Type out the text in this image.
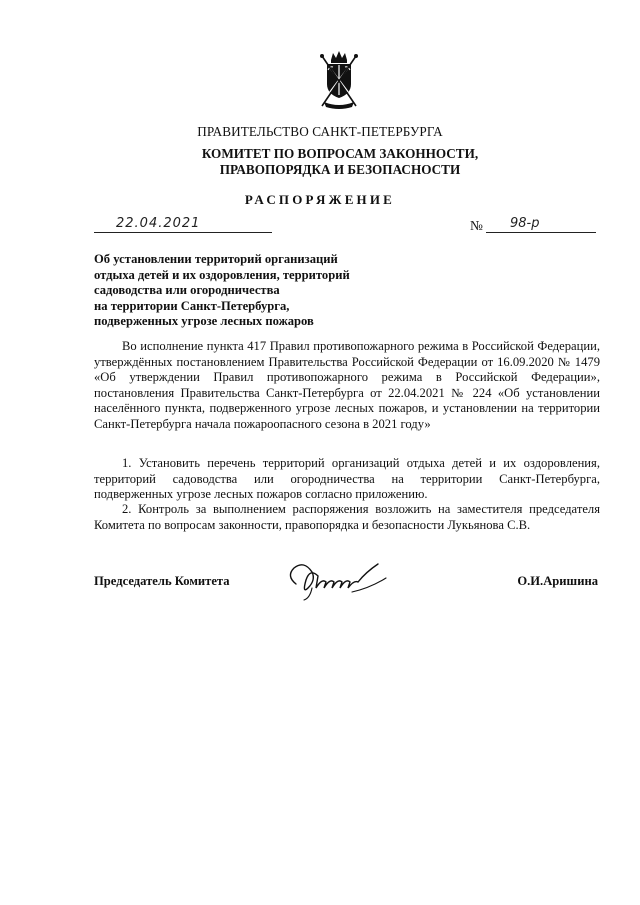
ПРАВИТЕЛЬСТВО САНКТ-ПЕТЕРБУРГА
КОМИТЕТ ПО ВОПРОСАМ ЗАКОННОСТИ,
ПРАВОПОРЯДКА И БЕЗОПАСНОСТИ
РАСПОРЯЖЕНИЕ
22.04.2021	№ 98-р
Об установлении территорий организаций
отдыха детей и их оздоровления, территорий
садоводства или огородничества
на территории Санкт-Петербурга,
подверженных угрозе лесных пожаров
Во исполнение пункта 417 Правил противопожарного режима в Российской Федерации, утверждённых постановлением Правительства Российской Федерации от 16.09.2020 № 1479 «Об утверждении Правил противопожарного режима в Российской Федерации», постановления Правительства Санкт-Петербурга от 22.04.2021 № 224 «Об установлении населённого пункта, подверженного угрозе лесных пожаров, и установлении на территории Санкт-Петербурга начала пожароопасного сезона в 2021 году»
1. Установить перечень территорий организаций отдыха детей и их оздоровления, территорий садоводства или огородничества на территории Санкт-Петербурга, подверженных угрозе лесных пожаров согласно приложению.
2. Контроль за выполнением распоряжения возложить на заместителя председателя Комитета по вопросам законности, правопорядка и безопасности Лукьянова С.В.
Председатель Комитета	О.И.Аришина
